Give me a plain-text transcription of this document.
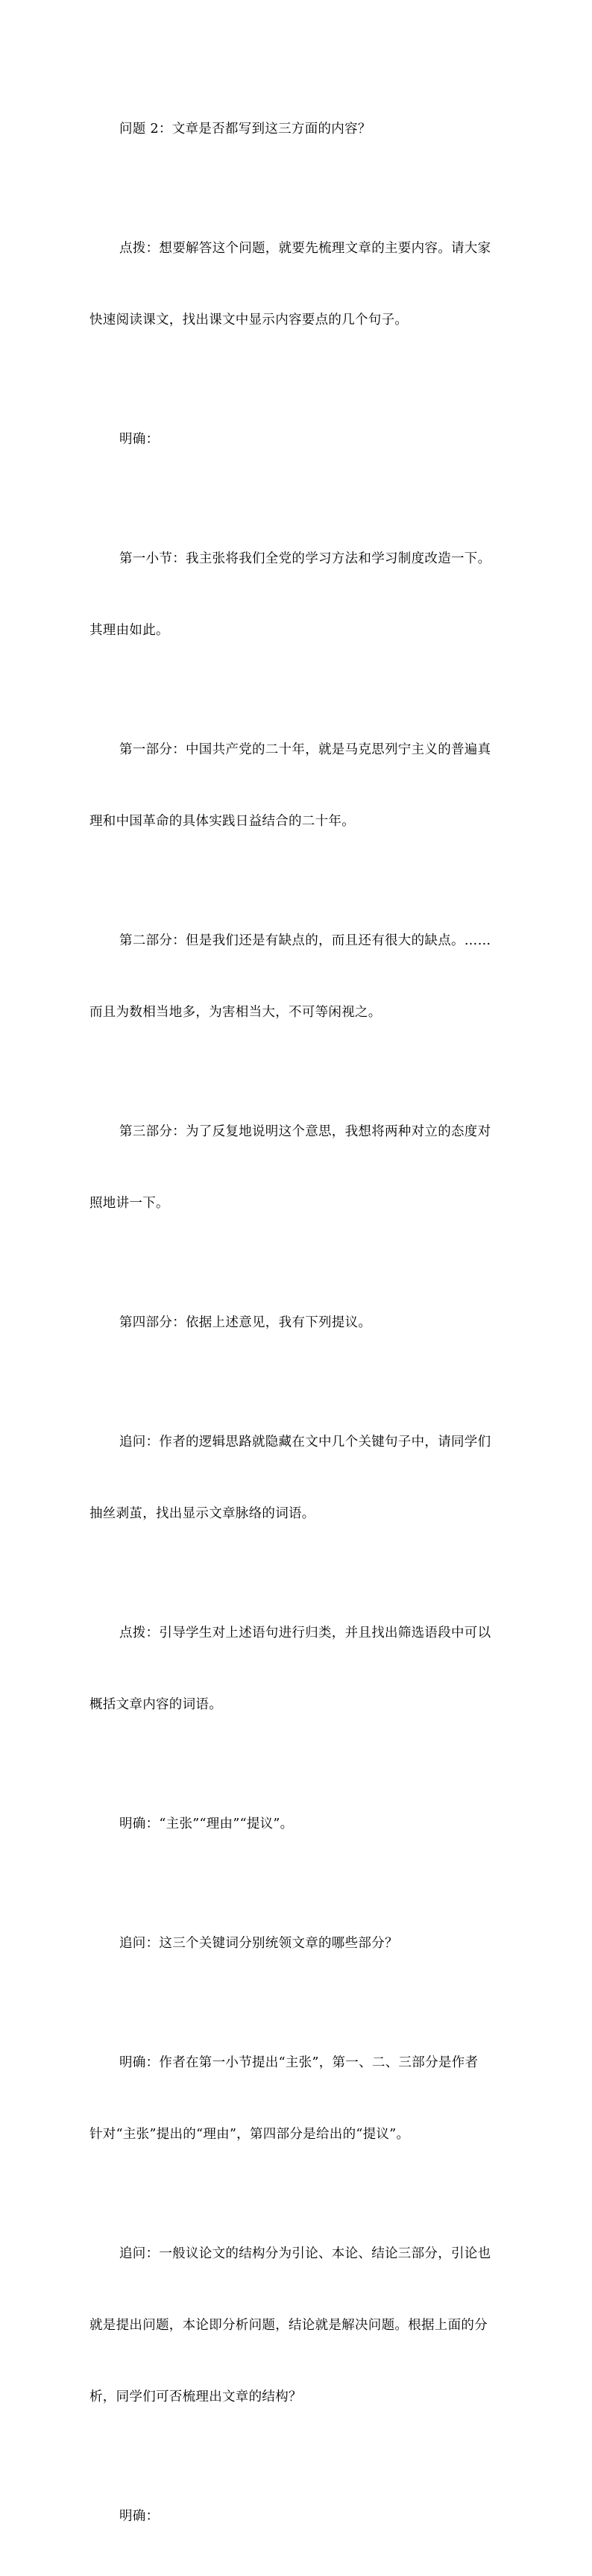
问题 2：文章是否都写到这三方面的内容？

点拨：想要解答这个问题，就要先梳理文章的主要内容。请大家

快速阅读课文，找出课文中显示内容要点的几个句子。

明确：

第一小节：我主张将我们全党的学习方法和学习制度改造一下。

其理由如此。

第一部分：中国共产党的二十年，就是马克思列宁主义的普遍真

理和中国革命的具体实践日益结合的二十年。

第二部分：但是我们还是有缺点的，而且还有很大的缺点。……

而且为数相当地多，为害相当大，不可等闲视之。

第三部分：为了反复地说明这个意思，我想将两种对立的态度对

照地讲一下。

第四部分：依据上述意见，我有下列提议。

追问：作者的逻辑思路就隐藏在文中几个关键句子中，请同学们

抽丝剥茧，找出显示文章脉络的词语。

点拨：引导学生对上述语句进行归类，并且找出筛选语段中可以

概括文章内容的词语。

明确：“主张”“理由”“提议”。

追问：这三个关键词分别统领文章的哪些部分？

明确：作者在第一小节提出“主张”，第一、二、三部分是作者

针对“主张”提出的“理由”，第四部分是给出的“提议”。

追问：一般议论文的结构分为引论、本论、结论三部分，引论也

就是提出问题，本论即分析问题，结论就是解决问题。根据上面的分

析，同学们可否梳理出文章的结构？

明确：
